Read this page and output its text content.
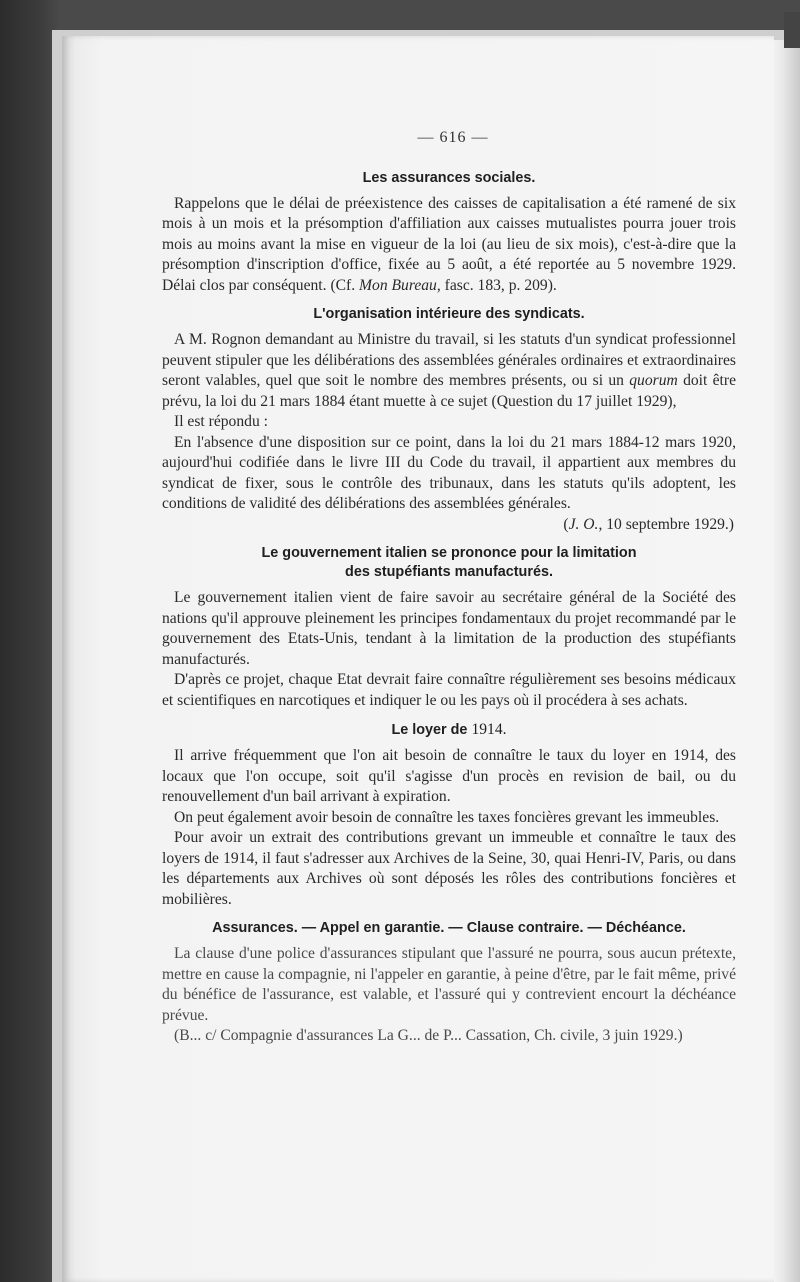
— 616 —
Les assurances sociales.

Rappelons que le délai de préexistence des caisses de capitalisation a été ramené de six mois à un mois et la présomption d'affiliation aux caisses mutualistes pourra jouer trois mois au moins avant la mise en vigueur de la loi (au lieu de six mois), c'est-à-dire que la présomption d'inscription d'office, fixée au 5 août, a été reportée au 5 novembre 1929. Délai clos par conséquent. (Cf. Mon Bureau, fasc. 183, p. 209).

L'organisation intérieure des syndicats.

A M. Rognon demandant au Ministre du travail, si les statuts d'un syndicat professionnel peuvent stipuler que les délibérations des assemblées générales ordinaires et extraordinaires seront valables, quel que soit le nombre des membres présents, ou si un quorum doit être prévu, la loi du 21 mars 1884 étant muette à ce sujet (Question du 17 juillet 1929),

Il est répondu :

En l'absence d'une disposition sur ce point, dans la loi du 21 mars 1884-12 mars 1920, aujourd'hui codifiée dans le livre III du Code du travail, il appartient aux membres du syndicat de fixer, sous le contrôle des tribunaux, dans les statuts qu'ils adoptent, les conditions de validité des délibérations des assemblées générales.

(J. O., 10 septembre 1929.)

Le gouvernement italien se prononce pour la limitation
des stupéfiants manufacturés.

Le gouvernement italien vient de faire savoir au secrétaire général de la Société des nations qu'il approuve pleinement les principes fondamentaux du projet recommandé par le gouvernement des Etats-Unis, tendant à la limitation de la production des stupéfiants manufacturés.

D'après ce projet, chaque Etat devrait faire connaître régulièrement ses besoins médicaux et scientifiques en narcotiques et indiquer le ou les pays où il procédera à ses achats.

Le loyer de 1914.

Il arrive fréquemment que l'on ait besoin de connaître le taux du loyer en 1914, des locaux que l'on occupe, soit qu'il s'agisse d'un procès en revision de bail, ou du renouvellement d'un bail arrivant à expiration.

On peut également avoir besoin de connaître les taxes foncières grevant les immeubles.

Pour avoir un extrait des contributions grevant un immeuble et connaître le taux des loyers de 1914, il faut s'adresser aux Archives de la Seine, 30, quai Henri-IV, Paris, ou dans les départements aux Archives où sont déposés les rôles des contributions foncières et mobilières.

Assurances. — Appel en garantie. — Clause contraire. — Déchéance.

La clause d'une police d'assurances stipulant que l'assuré ne pourra, sous aucun prétexte, mettre en cause la compagnie, ni l'appeler en garantie, à peine d'être, par le fait même, privé du bénéfice de l'assurance, est valable, et l'assuré qui y contrevient encourt la déchéance prévue.

(B... c/ Compagnie d'assurances La G... de P... Cassation, Ch. civile, 3 juin 1929.)
